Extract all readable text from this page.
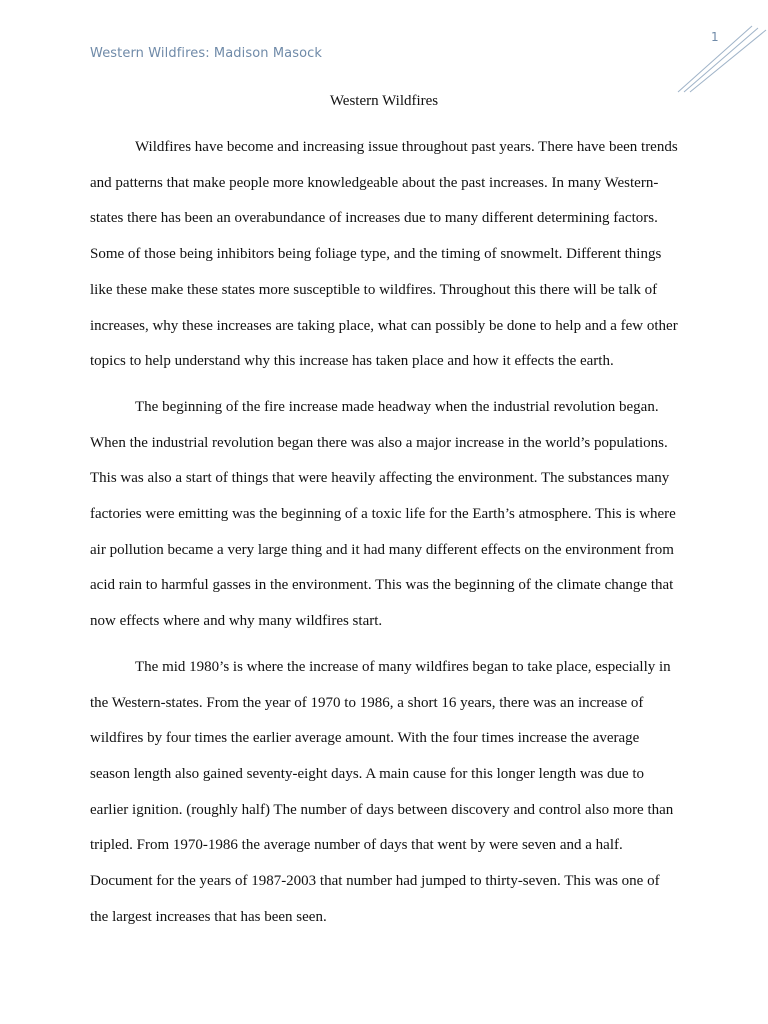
Western Wildfires: Madison Masock
1
Western Wildfires

Wildfires have become and increasing issue throughout past years. There have been trends and patterns that make people more knowledgeable about the past increases. In many Western-states there has been an overabundance of increases due to many different determining factors. Some of those being inhibitors being foliage type, and the timing of snowmelt. Different things like these make these states more susceptible to wildfires. Throughout this there will be talk of increases, why these increases are taking place, what can possibly be done to help and a few other topics to help understand why this increase has taken place and how it effects the earth.

The beginning of the fire increase made headway when the industrial revolution began. When the industrial revolution began there was also a major increase in the world’s populations. This was also a start of things that were heavily affecting the environment. The substances many factories were emitting was the beginning of a toxic life for the Earth’s atmosphere. This is where air pollution became a very large thing and it had many different effects on the environment from acid rain to harmful gasses in the environment. This was the beginning of the climate change that now effects where and why many wildfires start.

The mid 1980’s is where the increase of many wildfires began to take place, especially in the Western-states. From the year of 1970 to 1986, a short 16 years, there was an increase of wildfires by four times the earlier average amount. With the four times increase the average season length also gained seventy-eight days. A main cause for this longer length was due to earlier ignition. (roughly half) The number of days between discovery and control also more than tripled. From 1970-1986 the average number of days that went by were seven and a half. Document for the years of 1987-2003 that number had jumped to thirty-seven. This was one of the largest increases that has been seen.
